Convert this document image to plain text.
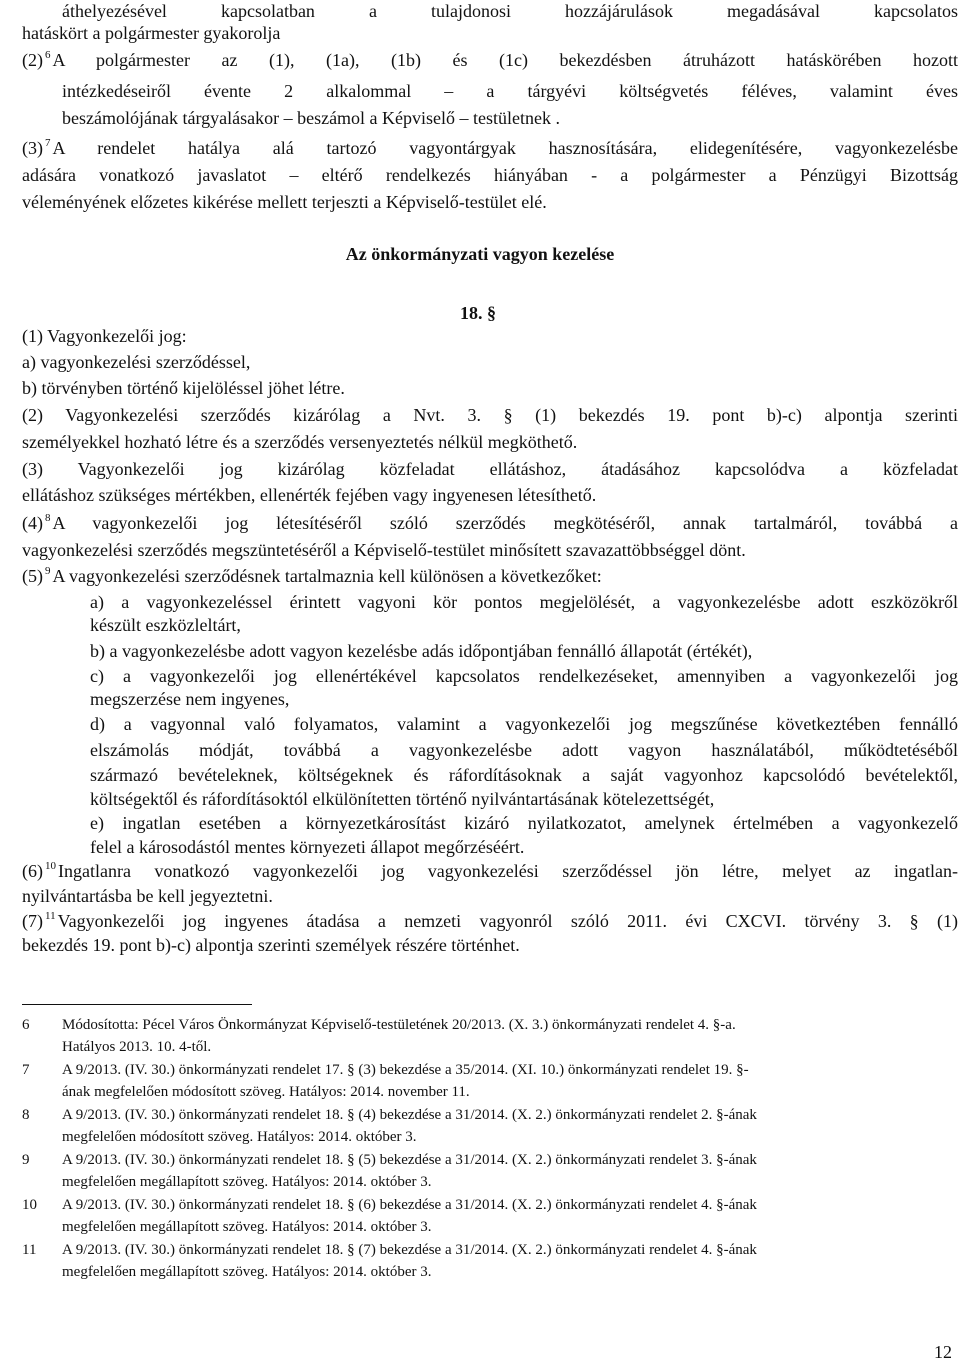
áthelyezésével kapcsolatban a tulajdonosi hozzájárulások megadásával kapcsolatos
hatáskört a polgármester gyakorolja
(2) $^6$ A polgármester az (1), (1a), (1b) és (1c) bekezdésben átruházott hatáskörében hozott
intézkedéseiről évente 2 alkalommal – a tárgyévi költségvetés féléves, valamint éves
beszámolójának tárgyalásakor – beszámol a Képviselő – testületnek .
(3) $^7$ A rendelet hatálya alá tartozó vagyontárgyak hasznosítására, elidegenítésére, vagyonkezelésbe
adására vonatkozó javaslatot – eltérő rendelkezés hiányában - a polgármester a Pénzügyi Bizottság
véleményének előzetes kikérése mellett terjeszti a Képviselő-testület elé.
Az önkormányzati vagyon kezelése
18. §
(1) Vagyonkezelői jog:
a) vagyonkezelési szerződéssel,
b) törvényben történő kijelöléssel jöhet létre.
(2) Vagyonkezelési szerződés kizárólag a Nvt. 3. § (1) bekezdés 19. pont b)-c) alpontja szerinti
személyekkel hozható létre és a szerződés versenyeztetés nélkül megköthető.
(3) Vagyonkezelői jog kizárólag közfeladat ellátáshoz, átadásához kapcsolódva a közfeladat
ellátáshoz szükséges mértékben, ellenérték fejében vagy ingyenesen létesíthető.
(4) $^8$ A vagyonkezelői jog létesítéséről szóló szerződés megkötéséről, annak tartalmáról, továbbá a
vagyonkezelési szerződés megszüntetéséről a Képviselő-testület minősített szavazattöbbséggel dönt.
(5) $^9$ A vagyonkezelési szerződésnek tartalmaznia kell különösen a következőket:
a) a vagyonkezeléssel érintett vagyoni kör pontos megjelölését, a vagyonkezelésbe adott eszközökről
készült eszközleltárt,
b) a vagyonkezelésbe adott vagyon kezelésbe adás időpontjában fennálló állapotát (értékét),
c) a vagyonkezelői jog ellenértékével kapcsolatos rendelkezéseket, amennyiben a vagyonkezelői jog
megszerzése nem ingyenes,
d) a vagyonnal való folyamatos, valamint a vagyonkezelői jog megszűnése következtében fennálló
elszámolás módját, továbbá a vagyonkezelésbe adott vagyon használatából, működtetéséből
származó bevételeknek, költségeknek és ráfordításoknak a saját vagyonhoz kapcsolódó bevételektől,
költségektől és ráfordításoktól elkülönítetten történő nyilvántartásának kötelezettségét,
e) ingatlan esetében a környezetkárosítást kizáró nyilatkozatot, amelynek értelmében a vagyonkezelő
felel a károsodástól mentes környezeti állapot megőrzéséért.
(6) $^{10}$ Ingatlanra vonatkozó vagyonkezelői jog vagyonkezelési szerződéssel jön létre, melyet az ingatlan-
nyilvántartásba be kell jegyeztetni.
(7) $^{11}$ Vagyonkezelői jog ingyenes átadása a nemzeti vagyonról szóló 2011. évi CXCVI. törvény 3. § (1)
bekezdés 19. pont b)-c) alpontja szerinti személyek részére történhet.
6 Módosította: Pécel Város Önkormányzat Képviselő-testületének 20/2013. (X. 3.) önkormányzati rendelet 4. §-a.
Hatályos 2013. 10. 4-től.
7 A 9/2013. (IV. 30.) önkormányzati rendelet 17. § (3) bekezdése a 35/2014. (XI. 10.) önkormányzati rendelet 19. §-
ának megfelelően módosított szöveg. Hatályos: 2014. november 11.
8 A 9/2013. (IV. 30.) önkormányzati rendelet 18. § (4) bekezdése a 31/2014. (X. 2.) önkormányzati rendelet 2. §-ának
megfelelően módosított szöveg. Hatályos: 2014. október 3.
9 A 9/2013. (IV. 30.) önkormányzati rendelet 18. § (5) bekezdése a 31/2014. (X. 2.) önkormányzati rendelet 3. §-ának
megfelelően megállapított szöveg. Hatályos: 2014. október 3.
10 A 9/2013. (IV. 30.) önkormányzati rendelet 18. § (6) bekezdése a 31/2014. (X. 2.) önkormányzati rendelet 4. §-ának
megfelelően megállapított szöveg. Hatályos: 2014. október 3.
11 A 9/2013. (IV. 30.) önkormányzati rendelet 18. § (7) bekezdése a 31/2014. (X. 2.) önkormányzati rendelet 4. §-ának
megfelelően megállapított szöveg. Hatályos: 2014. október 3.
12
